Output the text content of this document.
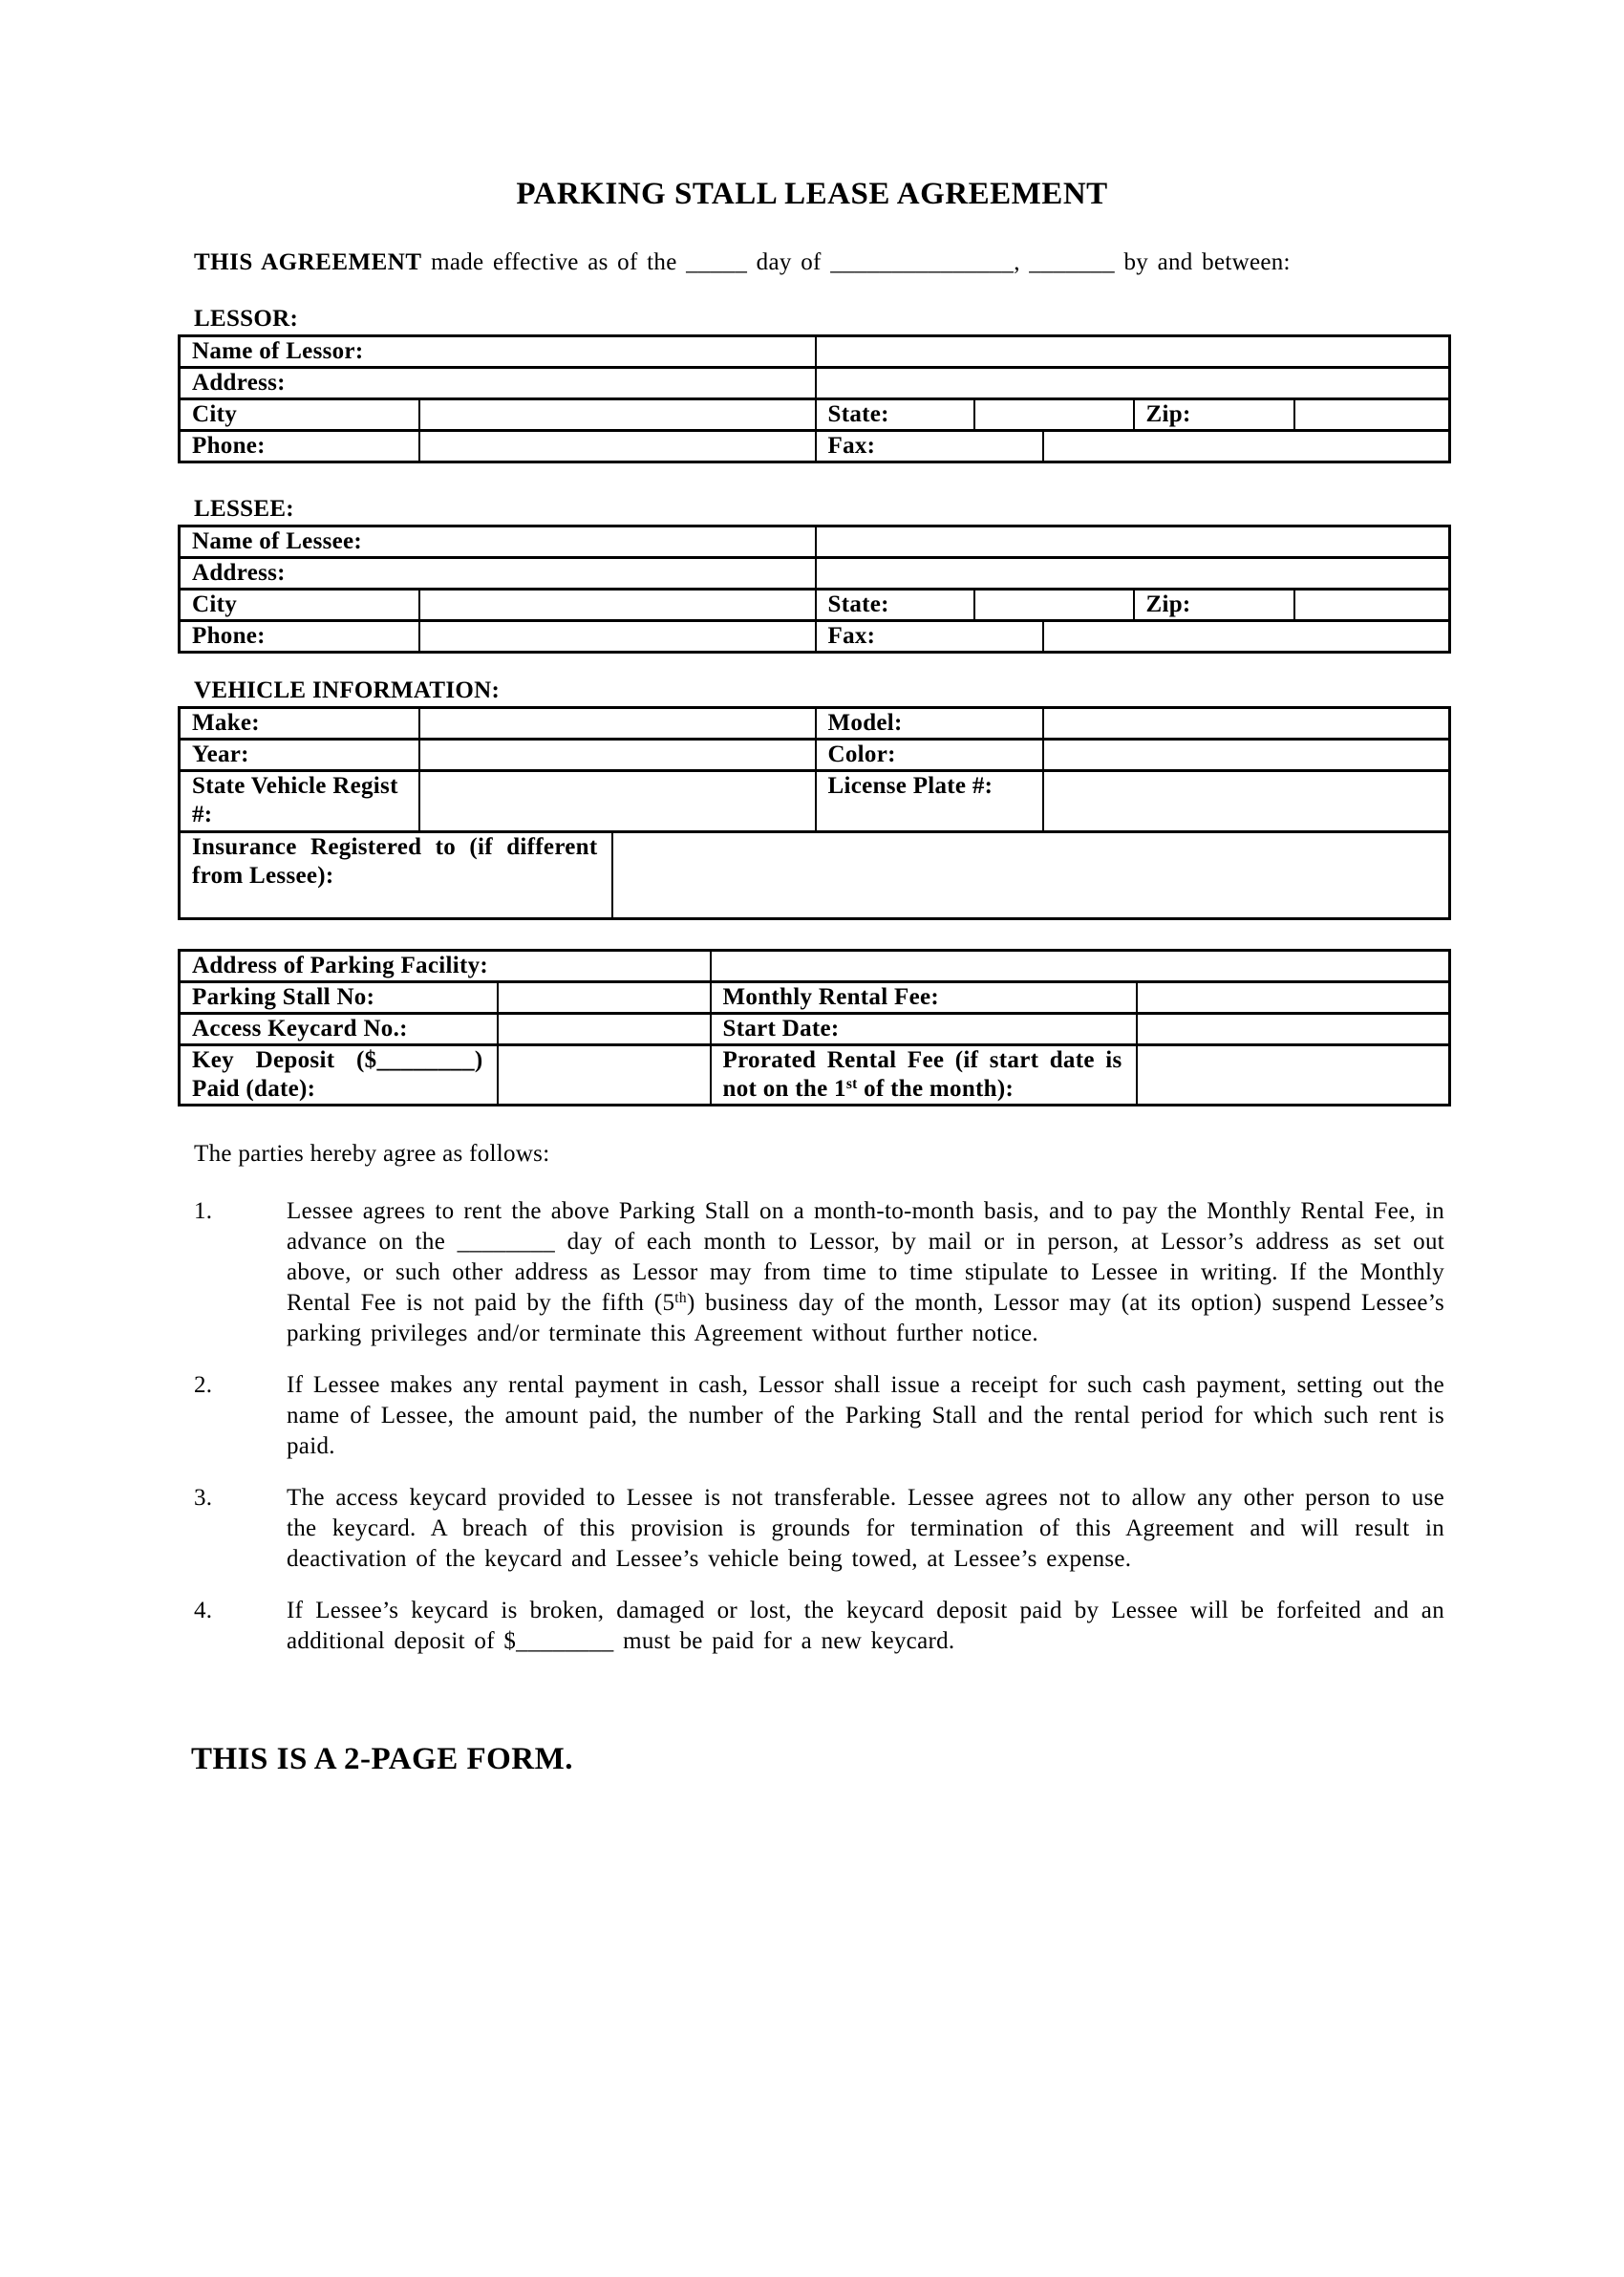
PARKING STALL LEASE AGREEMENT
THIS AGREEMENT made effective as of the _____ day of _______________, _______ by and between:
LESSOR:
Name of Lessor:						
Address:						
City		State:			Zip:	
Phone:		Fax:				
LESSEE:
Name of Lessee:						
Address:						
City		State:			Zip:	
Phone:		Fax:				
VEHICLE INFORMATION:
Make:			Model:	
Year:			Color:	
State Vehicle Regist #:			License Plate #:	
Insurance Registered to (if different from Lessee):				
Address of Parking Facility:			
Parking Stall No:		Monthly Rental Fee:	
Access Keycard No.:		Start Date:	
Key Deposit ($________) Paid (date):		Prorated Rental Fee (if start date is not on the 1st of the month):	
The parties hereby agree as follows:
1.	Lessee agrees to rent the above Parking Stall on a month-to-month basis, and to pay the Monthly Rental Fee, in advance on the ________ day of each month to Lessor, by mail or in person, at Lessor’s address as set out above, or such other address as Lessor may from time to time stipulate to Lessee in writing. If the Monthly Rental Fee is not paid by the fifth (5th) business day of the month, Lessor may (at its option) suspend Lessee’s parking privileges and/or terminate this Agreement without further notice.
2.	If Lessee makes any rental payment in cash, Lessor shall issue a receipt for such cash payment, setting out the name of Lessee, the amount paid, the number of the Parking Stall and the rental period for which such rent is paid.
3.	The access keycard provided to Lessee is not transferable. Lessee agrees not to allow any other person to use the keycard. A breach of this provision is grounds for termination of this Agreement and will result in deactivation of the keycard and Lessee’s vehicle being towed, at Lessee’s expense.
4.	If Lessee’s keycard is broken, damaged or lost, the keycard deposit paid by Lessee will be forfeited and an additional deposit of $________ must be paid for a new keycard.
THIS IS A 2-PAGE FORM.
